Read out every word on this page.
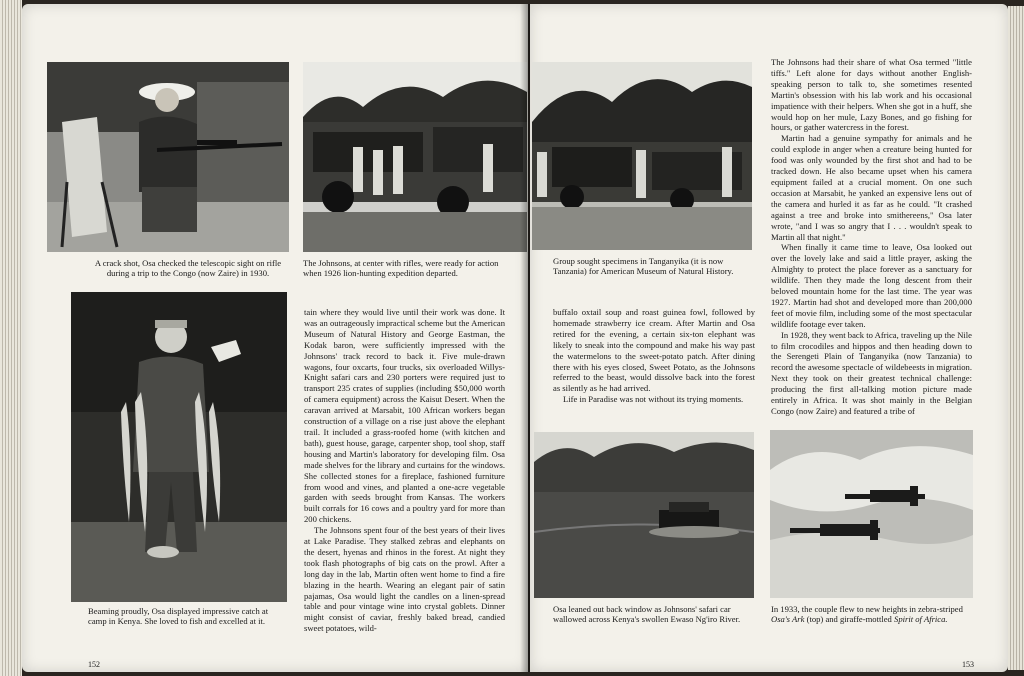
A crack shot, Osa checked the telescopic sight on rifle during a trip to the Congo (now Zaire) in 1930.
The Johnsons, at center with rifles, were ready for action when 1926 lion-hunting expedition departed.
Beaming proudly, Osa displayed impressive catch at camp in Kenya. She loved to fish and excelled at it.

tain where they would live until their work was done. It was an outrageously impractical scheme but the American Museum of Natural History and George Eastman, the Kodak baron, were sufficiently impressed with the Johnsons' track record to back it. Five mule-drawn wagons, four oxcarts, four trucks, six overloaded Willys-Knight safari cars and 230 porters were required just to transport 235 crates of supplies (including $50,000 worth of camera equipment) across the Kaisut Desert. When the caravan arrived at Marsabit, 100 African workers began construction of a village on a rise just above the elephant trail. It included a grass-roofed home (with kitchen and bath), guest house, garage, carpenter shop, tool shop, staff housing and Martin's laboratory for developing film. Osa made shelves for the library and curtains for the windows. She collected stones for a fireplace, fashioned furniture from wood and vines, and planted a one-acre vegetable garden with seeds brought from Kansas. The workers built corrals for 16 cows and a poultry yard for more than 200 chickens.

The Johnsons spent four of the best years of their lives at Lake Paradise. They stalked zebras and elephants on the desert, hyenas and rhinos in the forest. At night they took flash photographs of big cats on the prowl. After a long day in the lab, Martin often went home to find a fire blazing in the hearth. Wearing an elegant pair of satin pajamas, Osa would light the candles on a linen-spread table and pour vintage wine into crystal goblets. Dinner might consist of caviar, freshly baked bread, candied sweet potatoes, wild-

152
Group sought specimens in Tanganyika (it is now Tanzania) for American Museum of Natural History.

buffalo oxtail soup and roast guinea fowl, followed by homemade strawberry ice cream. After Martin and Osa retired for the evening, a certain six-ton elephant was likely to sneak into the compound and make his way past the watermelons to the sweet-potato patch. After dining there with his eyes closed, Sweet Potato, as the Johnsons referred to the beast, would dissolve back into the forest as silently as he had arrived.

Life in Paradise was not without its trying moments.

Osa leaned out back window as Johnsons' safari car wallowed across Kenya's swollen Ewaso Ng'iro River.

The Johnsons had their share of what Osa termed "little tiffs." Left alone for days without another English-speaking person to talk to, she sometimes resented Martin's obsession with his lab work and his occasional impatience with their helpers. When she got in a huff, she would hop on her mule, Lazy Bones, and go fishing for hours, or gather watercress in the forest.

Martin had a genuine sympathy for animals and he could explode in anger when a creature being hunted for food was only wounded by the first shot and had to be tracked down. He also became upset when his camera equipment failed at a crucial moment. On one such occasion at Marsabit, he yanked an expensive lens out of the camera and hurled it as far as he could. "It crashed against a tree and broke into smithereens," Osa later wrote, "and I was so angry that I . . . wouldn't speak to Martin all that night."

When finally it came time to leave, Osa looked out over the lovely lake and said a little prayer, asking the Almighty to protect the place forever as a sanctuary for wildlife. Then they made the long descent from their beloved mountain home for the last time. The year was 1927. Martin had shot and developed more than 200,000 feet of movie film, including some of the most spectacular wildlife footage ever taken.

In 1928, they went back to Africa, traveling up the Nile to film crocodiles and hippos and then heading down to the Serengeti Plain of Tanganyika (now Tanzania) to record the awesome spectacle of wildebeests in migration. Next they took on their greatest technical challenge: producing the first all-talking motion picture made entirely in Africa. It was shot mainly in the Belgian Congo (now Zaire) and featured a tribe of

In 1933, the couple flew to new heights in zebra-striped Osa's Ark (top) and giraffe-mottled Spirit of Africa.
153
